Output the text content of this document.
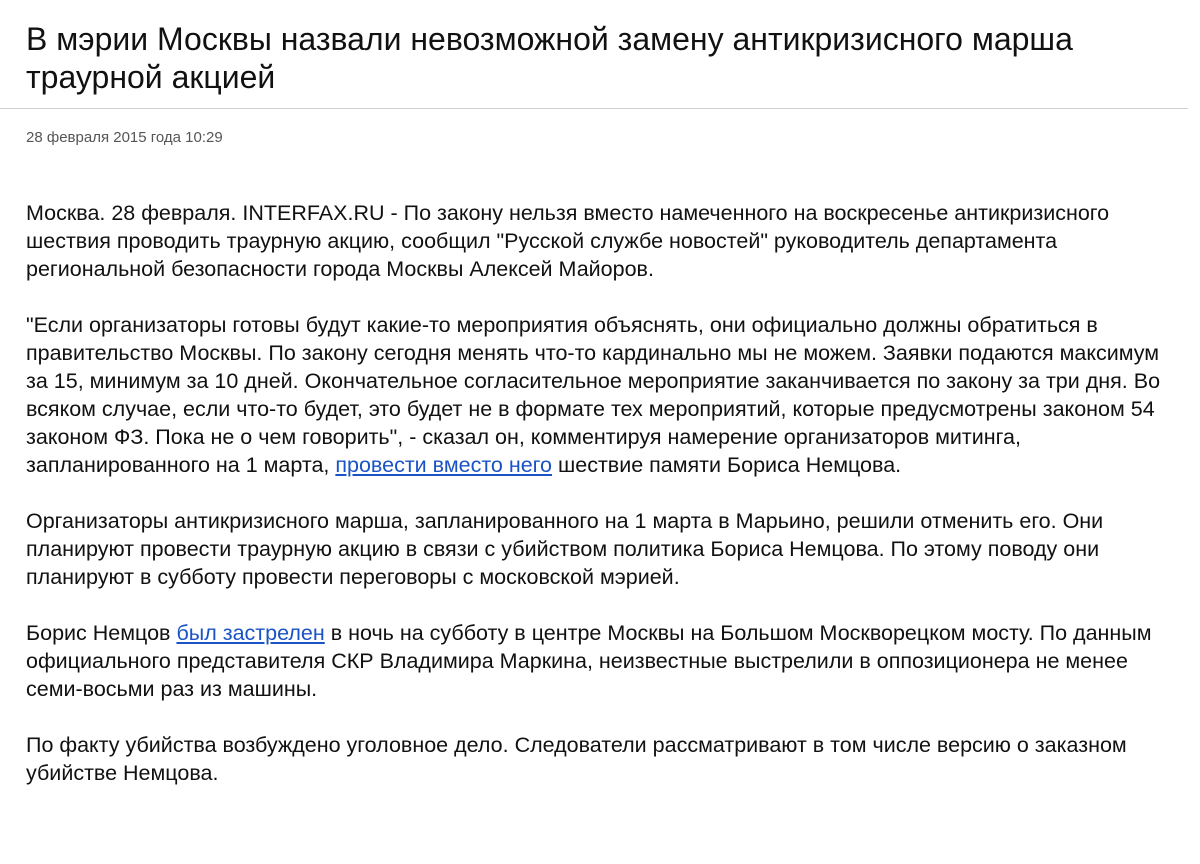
В мэрии Москвы назвали невозможной замену антикризисного марша траурной акцией
28 февраля 2015 года 10:29

Москва. 28 февраля. INTERFAX.RU - По закону нельзя вместо намеченного на воскресенье антикризисного шествия проводить траурную акцию, сообщил "Русской службе новостей" руководитель департамента региональной безопасности города Москвы Алексей Майоров.

"Если организаторы готовы будут какие-то мероприятия объяснять, они официально должны обратиться в правительство Москвы. По закону сегодня менять что-то кардинально мы не можем. Заявки подаются максимум за 15, минимум за 10 дней. Окончательное согласительное мероприятие заканчивается по закону за три дня. Во всяком случае, если что-то будет, это будет не в формате тех мероприятий, которые предусмотрены законом 54 законом ФЗ. Пока не о чем говорить", - сказал он, комментируя намерение организаторов митинга, запланированного на 1 марта, провести вместо него шествие памяти Бориса Немцова.

Организаторы антикризисного марша, запланированного на 1 марта в Марьино, решили отменить его. Они планируют провести траурную акцию в связи с убийством политика Бориса Немцова. По этому поводу они планируют в субботу провести переговоры с московской мэрией.

Борис Немцов был застрелен в ночь на субботу в центре Москвы на Большом Москворецком мосту. По данным официального представителя СКР Владимира Маркина, неизвестные выстрелили в оппозиционера не менее семи-восьми раз из машины.

По факту убийства возбуждено уголовное дело. Следователи рассматривают в том числе версию о заказном убийстве Немцова.
